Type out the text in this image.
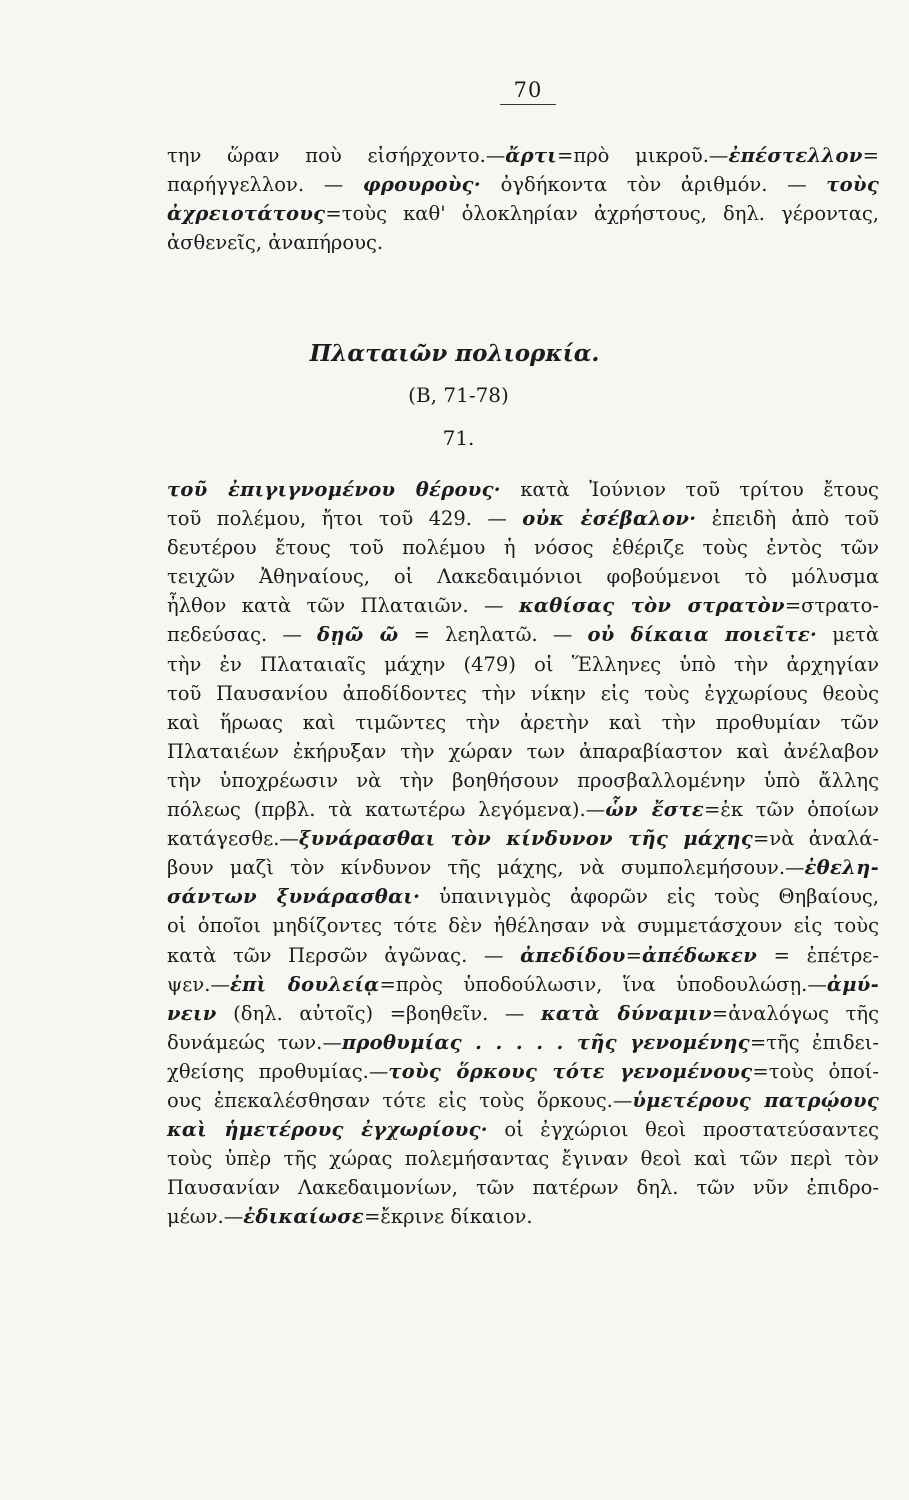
70
την ὥραν ποὺ εἰσήρχοντο.—ἄρτι=πρὸ μικροῦ.—ἐπέστελλον=
παρήγγελλον. — φρουροὺς· ὀγδήκοντα τὸν ἀριθμόν. — τοὺς
ἀχρειοτάτους=τοὺς καθ' ὁλοκληρίαν ἀχρήστους, δηλ. γέροντας,
ἀσθενεῖς, ἀναπήρους.
Πλαταιῶν πολιορκία.
(Β, 71-78)
71.
τοῦ ἐπιγιγνομένου θέρους· κατὰ Ἰούνιον τοῦ τρίτου ἔτους
τοῦ πολέμου, ἤτοι τοῦ 429. — οὐκ ἐσέβαλον· ἐπειδὴ ἀπὸ τοῦ
δευτέρου ἔτους τοῦ πολέμου ἡ νόσος ἐθέριζε τοὺς ἐντὸς τῶν
τειχῶν Ἀθηναίους, οἱ Λακεδαιμόνιοι φοβούμενοι τὸ μόλυσμα
ἦλθον κατὰ τῶν Πλαταιῶν. — καθίσας τὸν στρατὸν=στρατο-
πεδεύσας. — δῃῶ ῶ = λεηλατῶ. — οὐ δίκαια ποιεῖτε· μετὰ
τὴν ἐν Πλαταιαῖς μάχην (479) οἱ Ἕλληνες ὑπὸ τὴν ἀρχηγίαν
τοῦ Παυσανίου ἀποδίδοντες τὴν νίκην εἰς τοὺς ἐγχωρίους θεοὺς
καὶ ἥρωας καὶ τιμῶντες τὴν ἀρετὴν καὶ τὴν προθυμίαν τῶν
Πλαταιέων ἐκήρυξαν τὴν χώραν των ἀπαραβίαστον καὶ ἀνέλαβον
τὴν ὑποχρέωσιν νὰ τὴν βοηθήσουν προσβαλλομένην ὑπὸ ἄλλης
πόλεως (πρβλ. τὰ κατωτέρω λεγόμενα).—ὧν ἔστε=ἐκ τῶν ὁποίων
κατάγεσθε.—ξυνάρασθαι τὸν κίνδυνον τῆς μάχης=νὰ ἀναλά-
βουν μαζὶ τὸν κίνδυνον τῆς μάχης, νὰ συμπολεμήσουν.—ἐθελη-
σάντων ξυνάρασθαι· ὑπαινιγμὸς ἀφορῶν εἰς τοὺς Θηβαίους,
οἱ ὁποῖοι μηδίζοντες τότε δὲν ἠθέλησαν νὰ συμμετάσχουν εἰς τοὺς
κατὰ τῶν Περσῶν ἀγῶνας. — ἀπεδίδου=ἀπέδωκεν = ἐπέτρε-
ψεν.—ἐπὶ δουλείᾳ=πρὸς ὑποδούλωσιν, ἵνα ὑποδουλώσῃ.—ἀμύ-
νειν (δηλ. αὐτοῖς) =βοηθεῖν. — κατὰ δύναμιν=ἀναλόγως τῆς
δυνάμεώς των.—προθυμίας . . . . . τῆς γενομένης=τῆς ἐπιδει-
χθείσης προθυμίας.—τοὺς ὅρκους τότε γενομένους=τοὺς ὁποί-
ους ἐπεκαλέσθησαν τότε εἰς τοὺς ὅρκους.—ὑμετέρους πατρῴους
καὶ ἡμετέρους ἐγχωρίους· οἱ ἐγχώριοι θεοὶ προστατεύσαντες
τοὺς ὑπὲρ τῆς χώρας πολεμήσαντας ἔγιναν θεοὶ καὶ τῶν περὶ τὸν
Παυσανίαν Λακεδαιμονίων, τῶν πατέρων δηλ. τῶν νῦν ἐπιδρο-
μέων.—ἐδικαίωσε=ἔκρινε δίκαιον.
